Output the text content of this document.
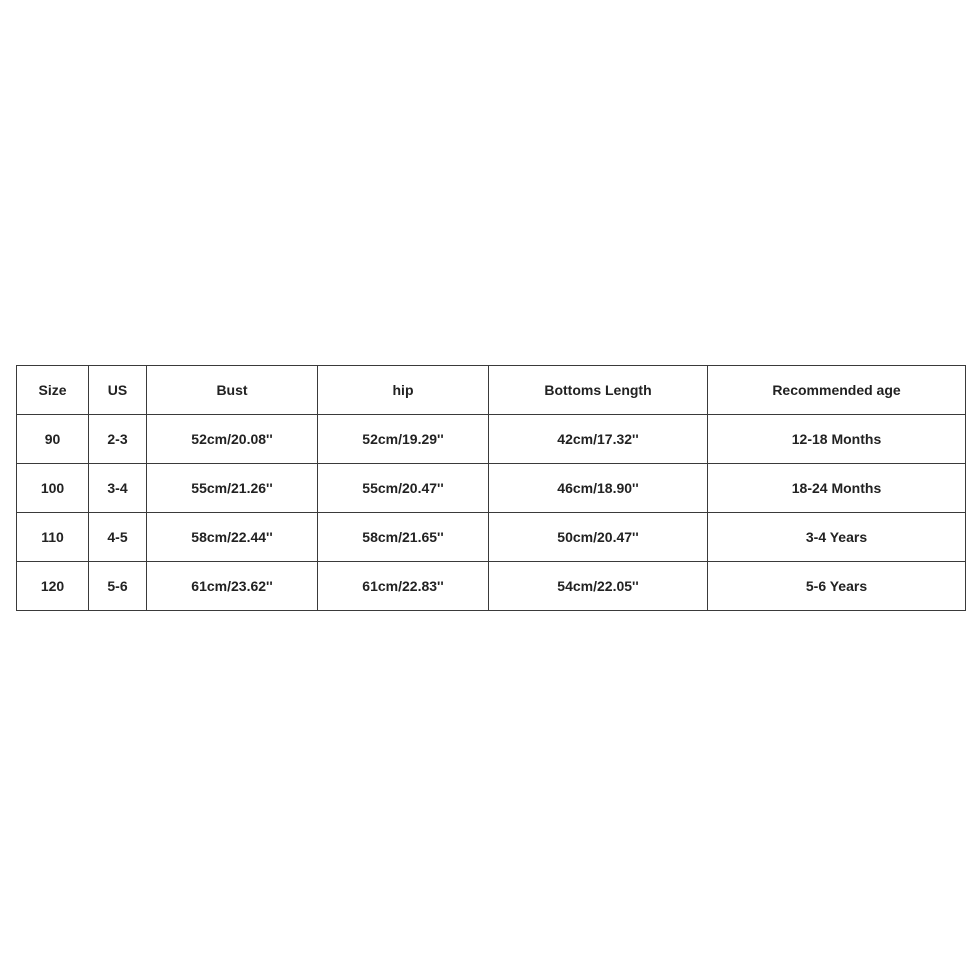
Size	US	Bust	hip	Bottoms Length	Recommended age
90	2-3	52cm/20.08''	52cm/19.29''	42cm/17.32''	12-18 Months
100	3-4	55cm/21.26''	55cm/20.47''	46cm/18.90''	18-24 Months
110	4-5	58cm/22.44''	58cm/21.65''	50cm/20.47''	3-4 Years
120	5-6	61cm/23.62''	61cm/22.83''	54cm/22.05''	5-6 Years
